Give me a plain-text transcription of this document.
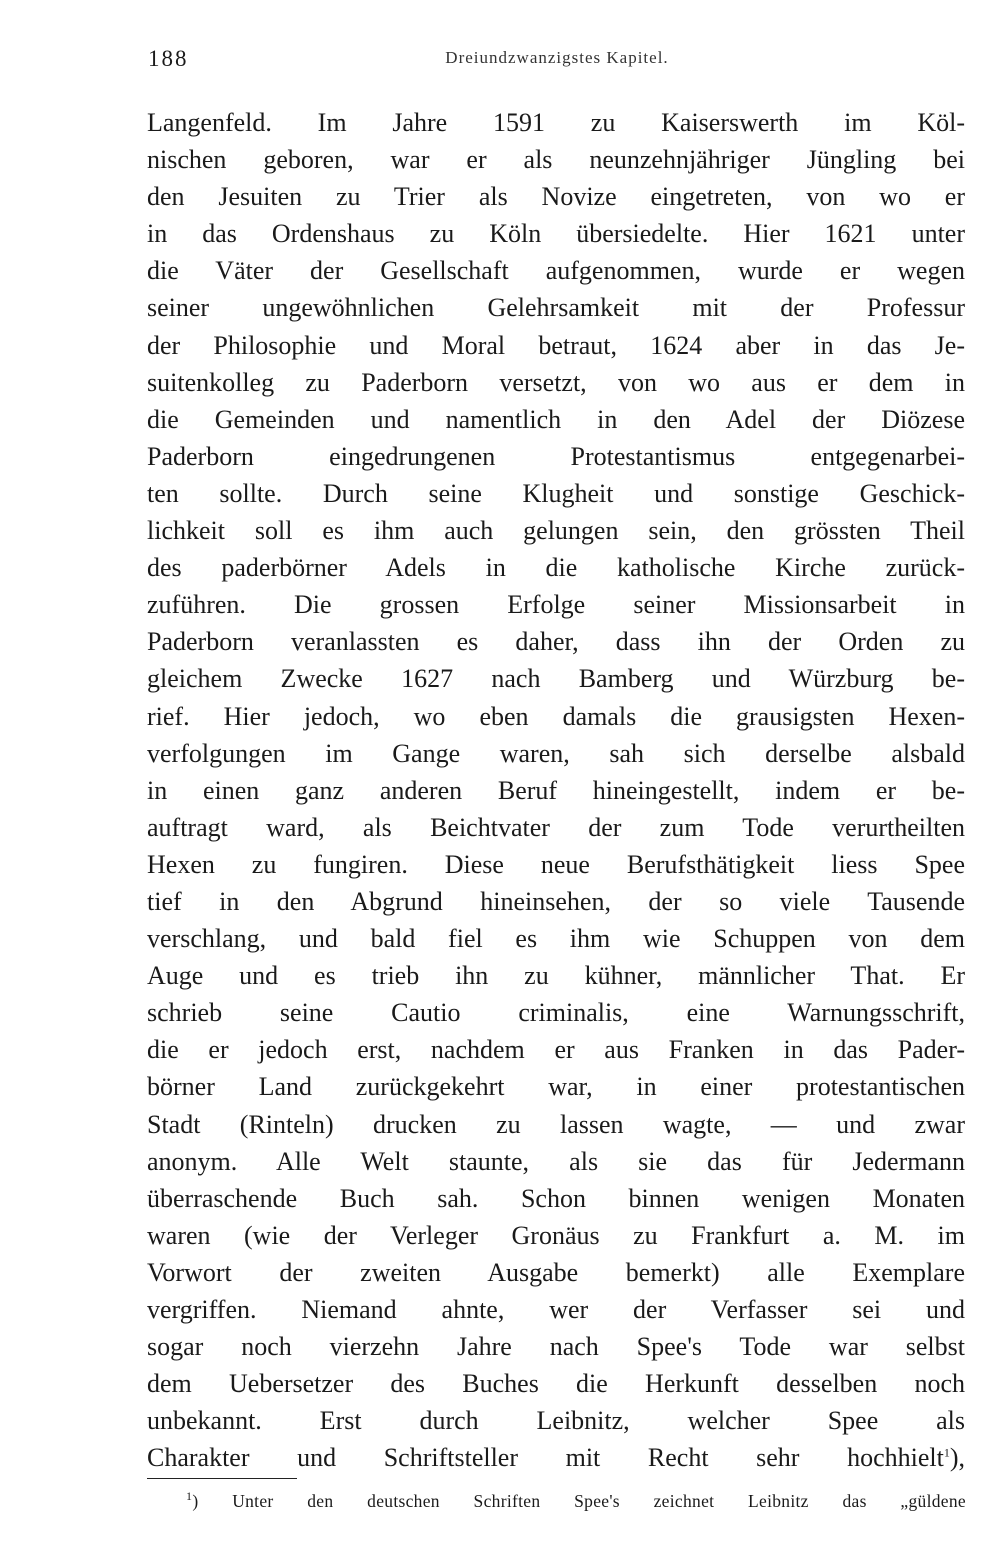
188	Dreiundzwanzigstes Kapitel.
Langenfeld. Im Jahre 1591 zu Kaiserswerth im Köl-
nischen geboren, war er als neunzehnjähriger Jüngling bei
den Jesuiten zu Trier als Novize eingetreten, von wo er
in das Ordenshaus zu Köln übersiedelte. Hier 1621 unter
die Väter der Gesellschaft aufgenommen, wurde er wegen
seiner ungewöhnlichen Gelehrsamkeit mit der Professur
der Philosophie und Moral betraut, 1624 aber in das Je-
suitenkolleg zu Paderborn versetzt, von wo aus er dem in
die Gemeinden und namentlich in den Adel der Diözese
Paderborn eingedrungenen Protestantismus entgegenarbei-
ten sollte. Durch seine Klugheit und sonstige Geschick-
lichkeit soll es ihm auch gelungen sein, den grössten Theil
des paderbörner Adels in die katholische Kirche zurück-
zuführen. Die grossen Erfolge seiner Missionsarbeit in
Paderborn veranlassten es daher, dass ihn der Orden zu
gleichem Zwecke 1627 nach Bamberg und Würzburg be-
rief. Hier jedoch, wo eben damals die grausigsten Hexen-
verfolgungen im Gange waren, sah sich derselbe alsbald
in einen ganz anderen Beruf hineingestellt, indem er be-
auftragt ward, als Beichtvater der zum Tode verurtheilten
Hexen zu fungiren. Diese neue Berufsthätigkeit liess Spee
tief in den Abgrund hineinsehen, der so viele Tausende
verschlang, und bald fiel es ihm wie Schuppen von dem
Auge und es trieb ihn zu kühner, männlicher That. Er
schrieb seine Cautio criminalis, eine Warnungsschrift,
die er jedoch erst, nachdem er aus Franken in das Pader-
börner Land zurückgekehrt war, in einer protestantischen
Stadt (Rinteln) drucken zu lassen wagte, — und zwar
anonym. Alle Welt staunte, als sie das für Jedermann
überraschende Buch sah. Schon binnen wenigen Monaten
waren (wie der Verleger Gronäus zu Frankfurt a. M. im
Vorwort der zweiten Ausgabe bemerkt) alle Exemplare
vergriffen. Niemand ahnte, wer der Verfasser sei und
sogar noch vierzehn Jahre nach Spee's Tode war selbst
dem Uebersetzer des Buches die Herkunft desselben noch
unbekannt. Erst durch Leibnitz, welcher Spee als
Charakter und Schriftsteller mit Recht sehr hochhielt$^1$),
$^1$) Unter den deutschen Schriften Spee's zeichnet Leibnitz das „güldene
